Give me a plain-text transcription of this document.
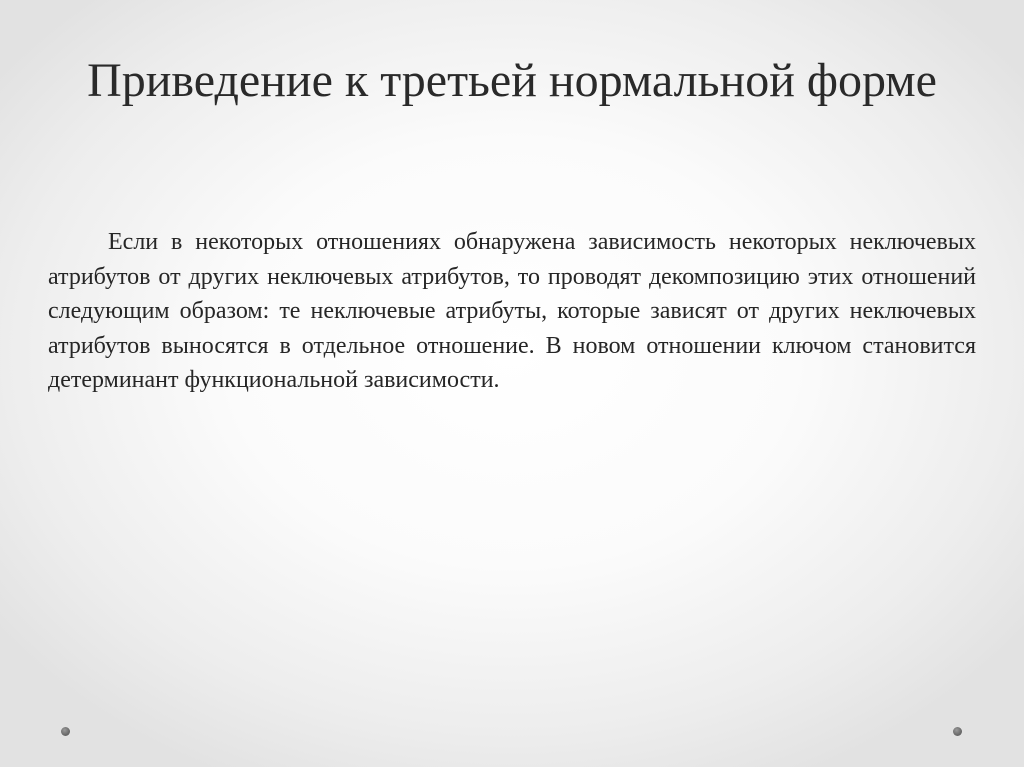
Приведение к третьей нормальной форме

Если в некоторых отношениях обнаружена зависимость некоторых неключевых атрибутов от других неключевых атрибутов, то проводят декомпозицию этих отношений следующим образом: те неключевые атрибуты, которые зависят от других неключевых атрибутов выносятся в отдельное отношение. В новом отношении ключом становится детерминант функциональной зависимости.
